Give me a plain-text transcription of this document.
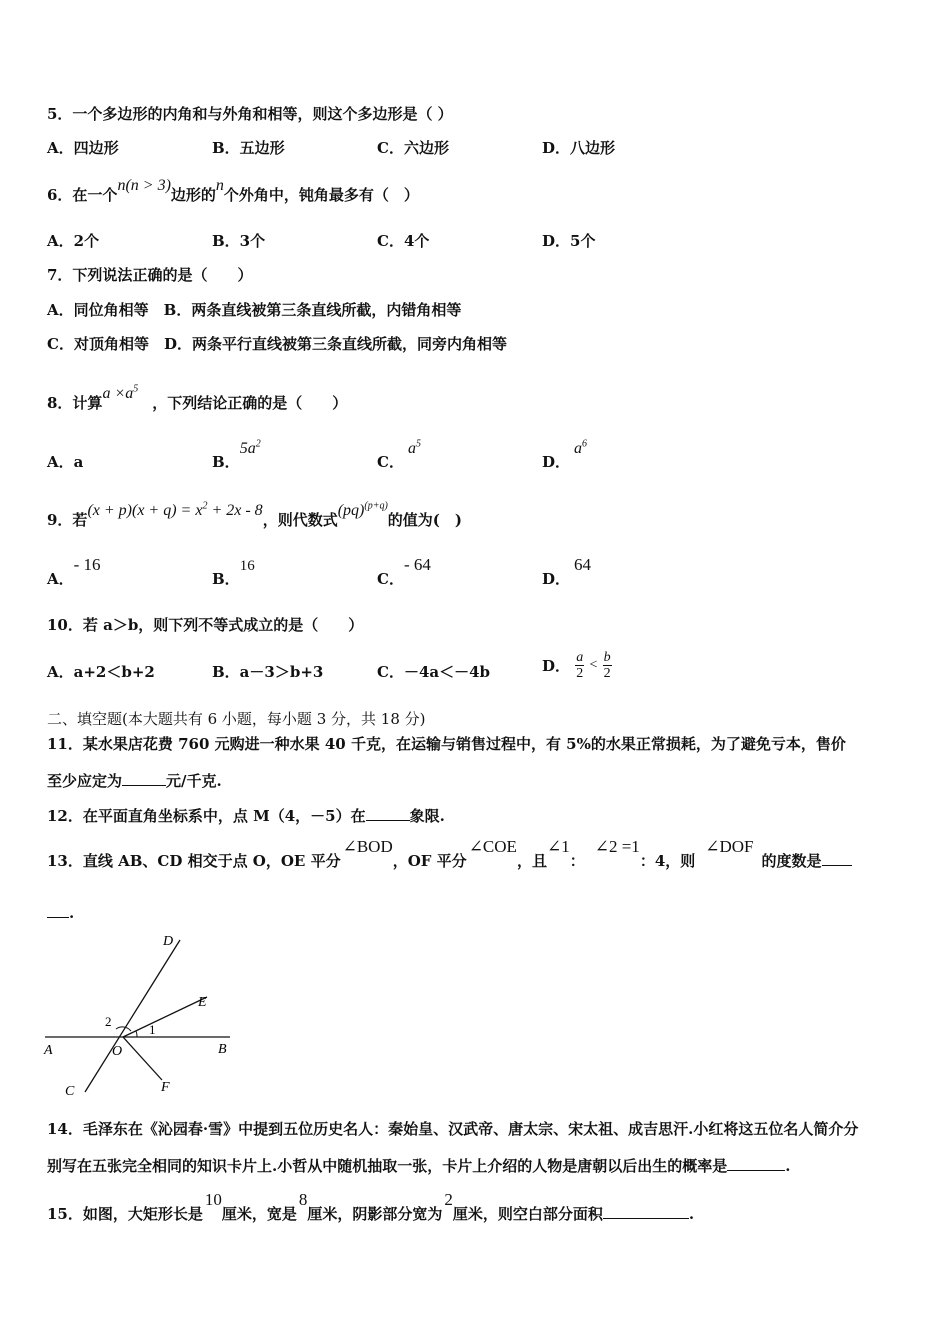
5．一个多边形的内角和与外角和相等，则这个多边形是（ ）
A．四边形	B．五边形	C．六边形	D．八边形
6．在一个n(n > 3)边形的n个外角中，钝角最多有（　）
A．2个	B．3个	C．4个	D．5个
7．下列说法正确的是（　　）
A．同位角相等　B．两条直线被第三条直线所截，内错角相等
C．对顶角相等　D．两条平行直线被第三条直线所截，同旁内角相等
8．计算$a \times a^5$，下列结论正确的是（　　）
A．a	B．$5a^2$
C．$a^5$
D．$a^6$
9．若$(x + p)(x + q) = x^2 + 2x - 8$，则代数式(pq)$^{(p+q)}$的值为(　)
A．- 16
B．16
C．- 64
D．64
10．若 a＞b，则下列不等式成立的是（　　）
A．a+2＜b+2	B．a－3＞b+3	C．－4a＜－4b	D． $\frac{a}{2} < \frac{b}{2}$
二、填空题(本大题共有 6 小题，每小题 3 分，共 18 分)
11．某水果店花费 760 元购进一种水果 40 千克，在运输与销售过程中，有 5%的水果正常损耗，为了避免亏本，售价
至少应定为	元/千克.
12．在平面直角坐标系中，点 M（4，－5）在	象限.
13．直线 AB、CD 相交于点 O，OE 平分∠BOD，OF 平分∠COE，且∠1：∠2 =1：4，则∠DOF的度数是
.
D
E
A	B
O
C	F
1
2
14．毛泽东在《沁园春·雪》中提到五位历史名人：秦始皇、汉武帝、唐太宗、宋太祖、成吉思汗.小红将这五位名人简介分
别写在五张完全相同的知识卡片上.小哲从中随机抽取一张，卡片上介绍的人物是唐朝以后出生的概率是	.
15．如图，大矩形长是10厘米，宽是8厘米，阴影部分宽为2厘米，则空白部分面积	.
